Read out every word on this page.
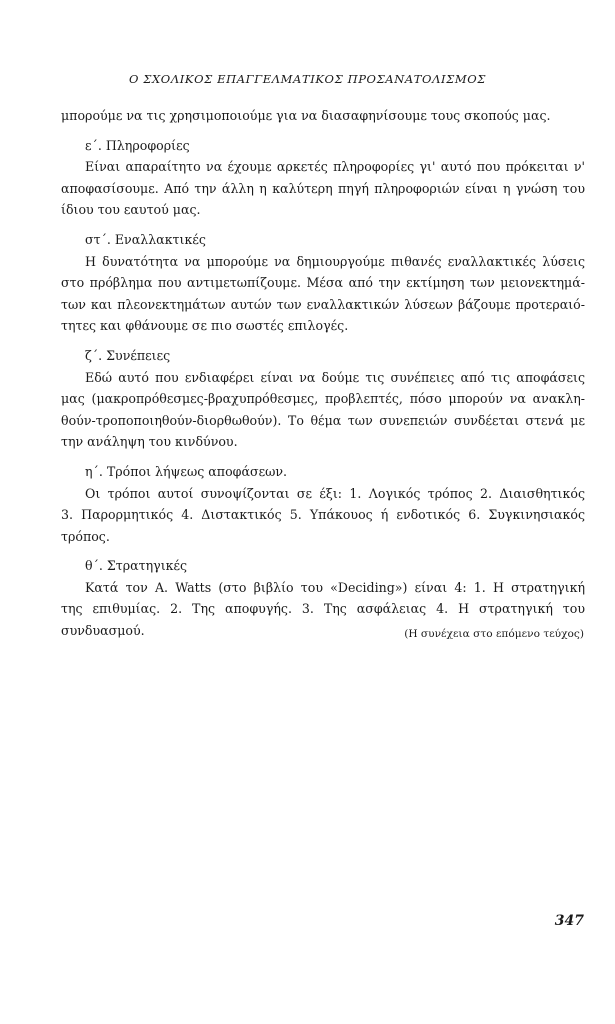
Ο ΣΧΟΛΙΚΟΣ ΕΠΑΓΓΕΛΜΑΤΙΚΟΣ ΠΡΟΣΑΝΑΤΟΛΙΣΜΟΣ
μπορούμε να τις χρησιμοποιούμε για να διασαφηνίσουμε τους σκοπούς μας.
ε΄. Πληροφορίες
Είναι απαραίτητο να έχουμε αρκετές πληροφορίες γι' αυτό που πρόκειται ν'
αποφασίσουμε. Από την άλλη η καλύτερη πηγή πληροφοριών είναι η γνώση του
ίδιου του εαυτού μας.
στ΄. Εναλλακτικές
Η δυνατότητα να μπορούμε να δημιουργούμε πιθανές εναλλακτικές λύσεις
στο πρόβλημα που αντιμετωπίζουμε. Μέσα από την εκτίμηση των μειονεκτημά-
των και πλεονεκτημάτων αυτών των εναλλακτικών λύσεων βάζουμε προτεραιό-
τητες και φθάνουμε σε πιο σωστές επιλογές.
ζ΄. Συνέπειες
Εδώ αυτό που ενδιαφέρει είναι να δούμε τις συνέπειες από τις αποφάσεις
μας (μακροπρόθεσμες-βραχυπρόθεσμες, προβλεπτές, πόσο μπορούν να ανακλη-
θούν-τροποποιηθούν-διορθωθούν). Το θέμα των συνεπειών συνδέεται στενά με
την ανάληψη του κινδύνου.
η΄. Τρόποι λήψεως αποφάσεων.
Οι τρόποι αυτοί συνοψίζονται σε έξι: 1. Λογικός τρόπος 2. Διαισθητικός
3. Παρορμητικός 4. Διστακτικός 5. Υπάκουος ή ενδοτικός 6. Συγκινησιακός
τρόπος.
θ΄. Στρατηγικές
Κατά τον A. Watts (στο βιβλίο του «Deciding») είναι 4: 1. Η στρατηγική
της επιθυμίας. 2. Της αποφυγής. 3. Της ασφάλειας 4. Η στρατηγική του
συνδυασμού.	(Η συνέχεια στο επόμενο τεύχος)
347
